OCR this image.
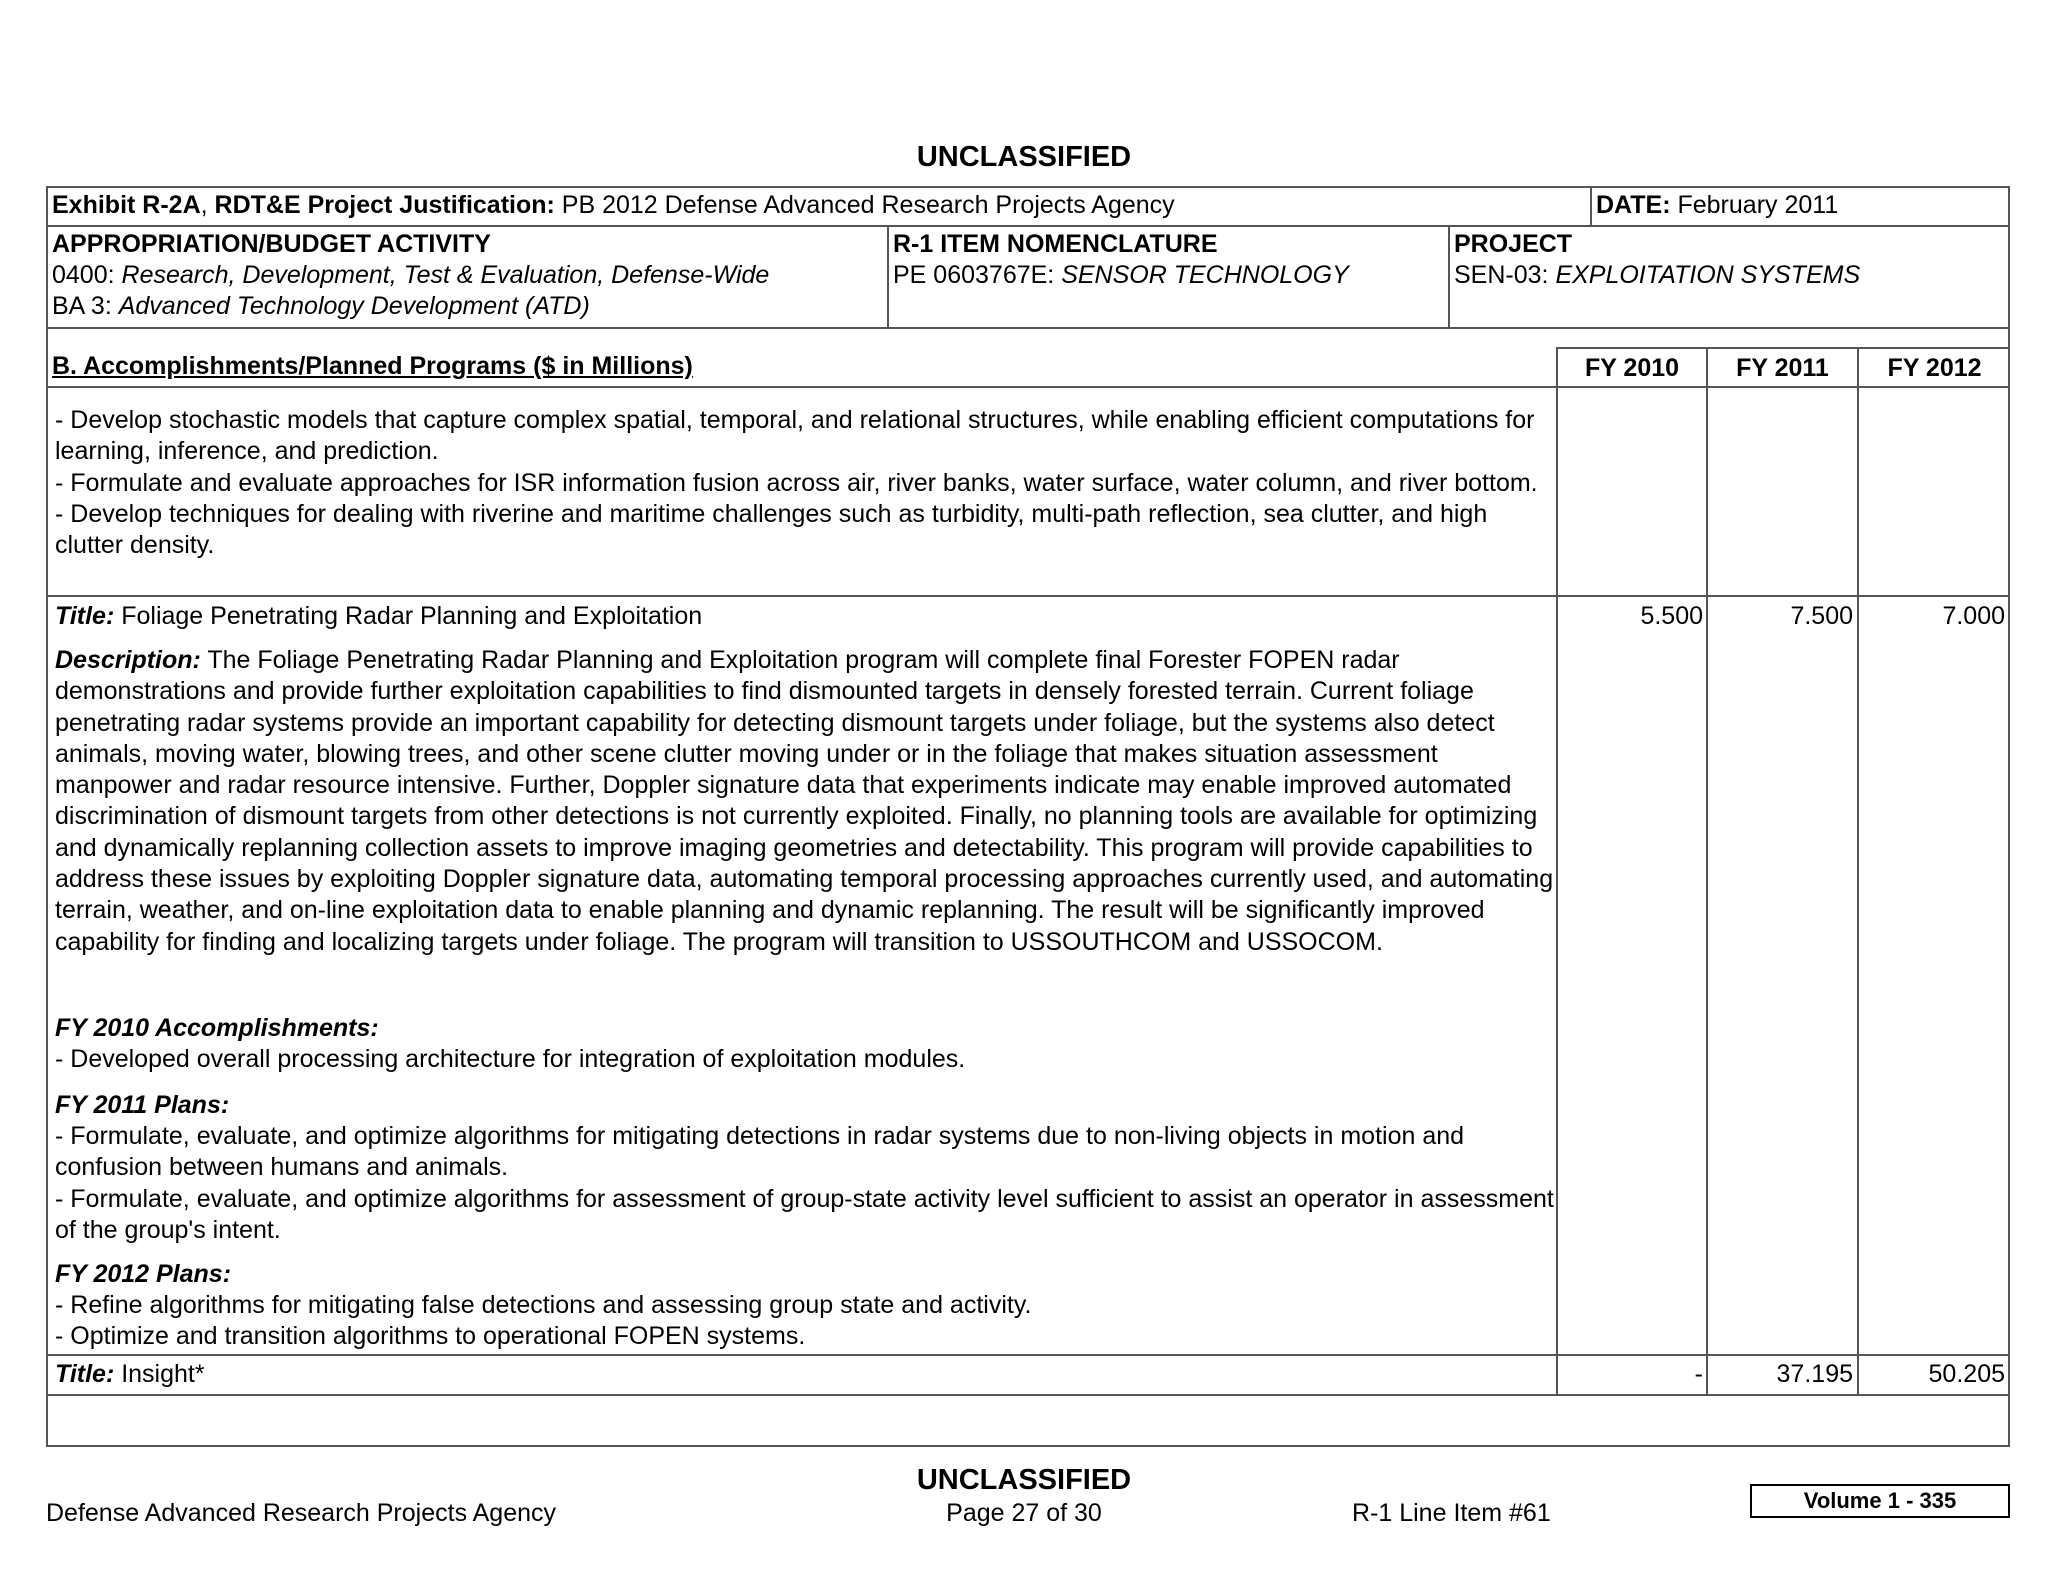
UNCLASSIFIED
Exhibit R-2A, RDT&E Project Justification: PB 2012 Defense Advanced Research Projects Agency	DATE: February 2011
APPROPRIATION/BUDGET ACTIVITY
0400: Research, Development, Test & Evaluation, Defense-Wide
BA 3: Advanced Technology Development (ATD)
R-1 ITEM NOMENCLATURE
PE 0603767E: SENSOR TECHNOLOGY
PROJECT
SEN-03: EXPLOITATION SYSTEMS
B. Accomplishments/Planned Programs ($ in Millions)	FY 2010	FY 2011	FY 2012
- Develop stochastic models that capture complex spatial, temporal, and relational structures, while enabling efficient computations for learning, inference, and prediction.
- Formulate and evaluate approaches for ISR information fusion across air, river banks, water surface, water column, and river bottom.
- Develop techniques for dealing with riverine and maritime challenges such as turbidity, multi-path reflection, sea clutter, and high clutter density.
Title: Foliage Penetrating Radar Planning and Exploitation	5.500	7.500	7.000
Description: The Foliage Penetrating Radar Planning and Exploitation program will complete final Forester FOPEN radar demonstrations and provide further exploitation capabilities to find dismounted targets in densely forested terrain. Current foliage penetrating radar systems provide an important capability for detecting dismount targets under foliage, but the systems also detect animals, moving water, blowing trees, and other scene clutter moving under or in the foliage that makes situation assessment manpower and radar resource intensive. Further, Doppler signature data that experiments indicate may enable improved automated discrimination of dismount targets from other detections is not currently exploited. Finally, no planning tools are available for optimizing and dynamically replanning collection assets to improve imaging geometries and detectability. This program will provide capabilities to address these issues by exploiting Doppler signature data, automating temporal processing approaches currently used, and automating terrain, weather, and on-line exploitation data to enable planning and dynamic replanning. The result will be significantly improved capability for finding and localizing targets under foliage. The program will transition to USSOUTHCOM and USSOCOM.
FY 2010 Accomplishments:
- Developed overall processing architecture for integration of exploitation modules.
FY 2011 Plans:
- Formulate, evaluate, and optimize algorithms for mitigating detections in radar systems due to non-living objects in motion and confusion between humans and animals.
- Formulate, evaluate, and optimize algorithms for assessment of group-state activity level sufficient to assist an operator in assessment of the group's intent.
FY 2012 Plans:
- Refine algorithms for mitigating false detections and assessing group state and activity.
- Optimize and transition algorithms to operational FOPEN systems.
Title: Insight*	-	37.195	50.205
UNCLASSIFIED
Defense Advanced Research Projects Agency	Page 27 of 30	R-1 Line Item #61	Volume 1 - 335
